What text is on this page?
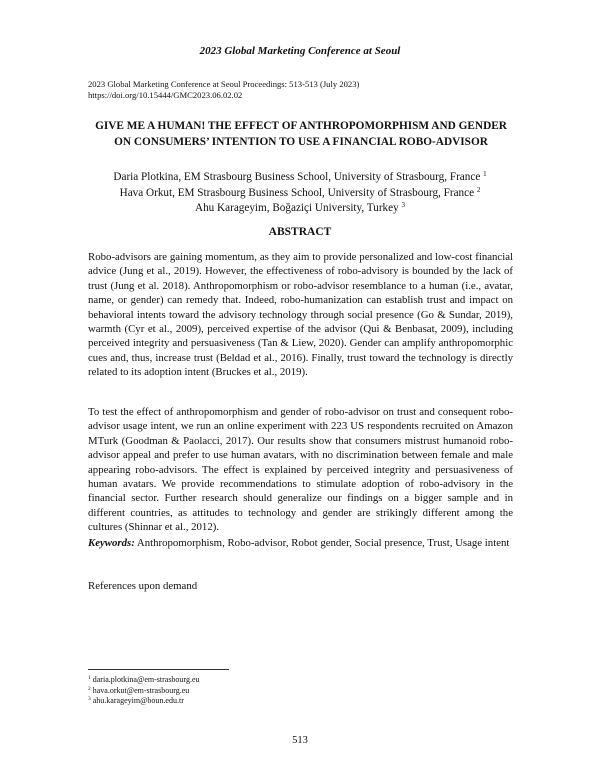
2023 Global Marketing Conference at Seoul
2023 Global Marketing Conference at Seoul Proceedings: 513-513 (July 2023)
https://doi.org/10.15444/GMC2023.06.02.02
GIVE ME A HUMAN! THE EFFECT OF ANTHROPOMORPHISM AND GENDER ON CONSUMERS’ INTENTION TO USE A FINANCIAL ROBO-ADVISOR
Daria Plotkina, EM Strasbourg Business School, University of Strasbourg, France $^1$
Hava Orkut, EM Strasbourg Business School, University of Strasbourg, France $^2$
Ahu Karageyim, Boğaziçi University, Turkey $^3$
ABSTRACT

Robo-advisors are gaining momentum, as they aim to provide personalized and low-cost financial advice (Jung et al., 2019). However, the effectiveness of robo-advisory is bounded by the lack of trust (Jung et al. 2018). Anthropomorphism or robo-advisor resemblance to a human (i.e., avatar, name, or gender) can remedy that. Indeed, robo-humanization can establish trust and impact on behavioral intents toward the advisory technology through social presence (Go & Sundar, 2019), warmth (Cyr et al., 2009), perceived expertise of the advisor (Qui & Benbasat, 2009), including perceived integrity and persuasiveness (Tan & Liew, 2020). Gender can amplify anthropomorphic cues and, thus, increase trust (Beldad et al., 2016). Finally, trust toward the technology is directly related to its adoption intent (Bruckes et al., 2019).

To test the effect of anthropomorphism and gender of robo-advisor on trust and consequent robo-advisor usage intent, we run an online experiment with 223 US respondents recruited on Amazon MTurk (Goodman & Paolacci, 2017). Our results show that consumers mistrust humanoid robo-advisor appeal and prefer to use human avatars, with no discrimination between female and male appearing robo-advisors. The effect is explained by perceived integrity and persuasiveness of human avatars. We provide recommendations to stimulate adoption of robo-advisory in the financial sector. Further research should generalize our findings on a bigger sample and in different countries, as attitudes to technology and gender are strikingly different among the cultures (Shinnar et al., 2012).

Keywords: Anthropomorphism, Robo-advisor, Robot gender, Social presence, Trust, Usage intent

References upon demand
$^1$ daria.plotkina@em-strasbourg.eu
$^2$ hava.orkut@em-strasbourg.eu
$^3$ ahu.karageyim@boun.edu.tr
513
